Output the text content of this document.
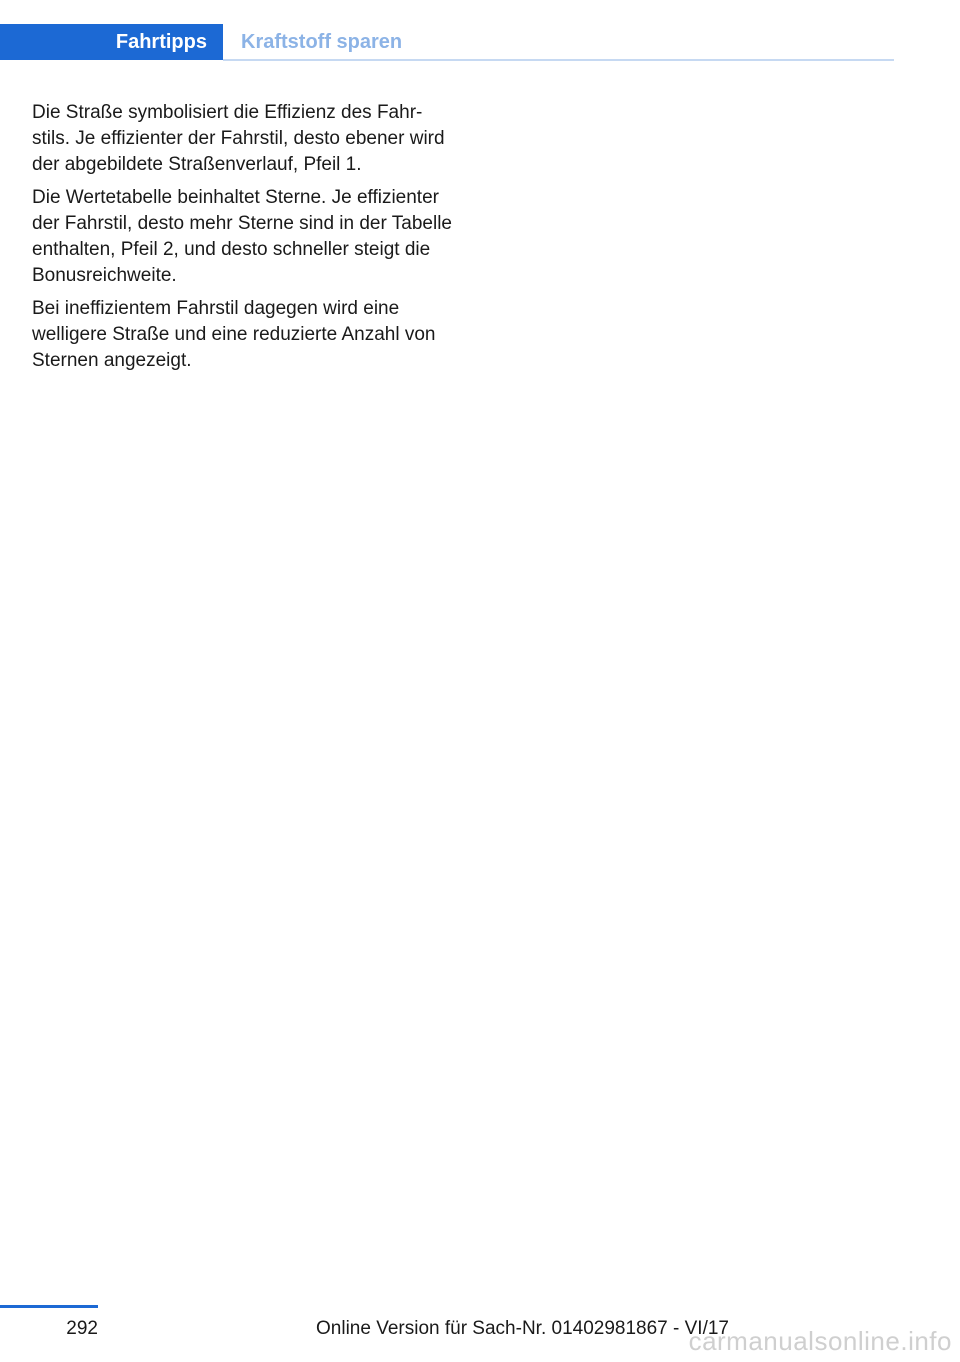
Fahrtipps	Kraftstoff sparen

Die Straße symbolisiert die Effizienz des Fahrstils. Je effizienter der Fahrstil, desto ebener wird der abgebildete Straßenverlauf, Pfeil 1.

Die Wertetabelle beinhaltet Sterne. Je effizienter der Fahrstil, desto mehr Sterne sind in der Tabelle enthalten, Pfeil 2, und desto schneller steigt die Bonusreichweite.

Bei ineffizientem Fahrstil dagegen wird eine welligere Straße und eine reduzierte Anzahl von Sternen angezeigt.

292	Online Version für Sach-Nr. 01402981867 - VI/17
carmanualsonline.info
